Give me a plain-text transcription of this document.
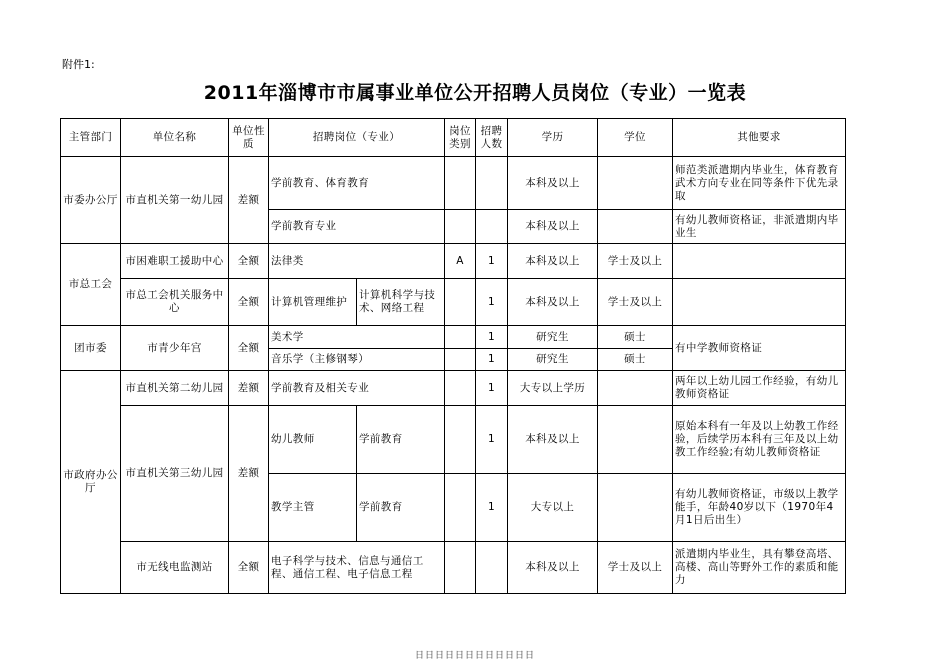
附件1:
2011年淄博市市属事业单位公开招聘人员岗位（专业）一览表
主管部门	单位名称	单位性质	招聘岗位（专业）		岗位类别	招聘人数	学历	学位	其他要求
市委办公厅	市直机关第一幼儿园	差额	学前教育、体育教育				本科及以上		师范类派遣期内毕业生，体育教育武术方向专业在同等条件下优先录取
			学前教育专业				本科及以上		有幼儿教师资格证，非派遣期内毕业生
市总工会	市困难职工援助中心	全额	法律类		A	1	本科及以上	学士及以上	
	市总工会机关服务中心	全额	计算机管理维护	计算机科学与技术、网络工程		1	本科及以上	学士及以上	
团市委	市青少年宫	全额	美术学			1	研究生	硕士	有中学教师资格证
			音乐学（主修钢琴）			1	研究生	硕士	
市政府办公厅	市直机关第二幼儿园	差额	学前教育及相关专业			1	大专以上学历		两年以上幼儿园工作经验，有幼儿教师资格证
	市直机关第三幼儿园	差额	幼儿教师	学前教育		1	本科及以上		原始本科有一年及以上幼教工作经验，后续学历本科有三年及以上幼教工作经验;有幼儿教师资格证
			教学主管	学前教育		1	大专以上		有幼儿教师资格证，市级以上教学能手，年龄40岁以下（1970年4月1日后出生）
	市无线电监测站	全额	电子科学与技术、信息与通信工程、通信工程、电子信息工程				本科及以上	学士及以上	派遣期内毕业生，具有攀登高塔、高楼、高山等野外工作的素质和能力
日日日日日日日日日日日日
